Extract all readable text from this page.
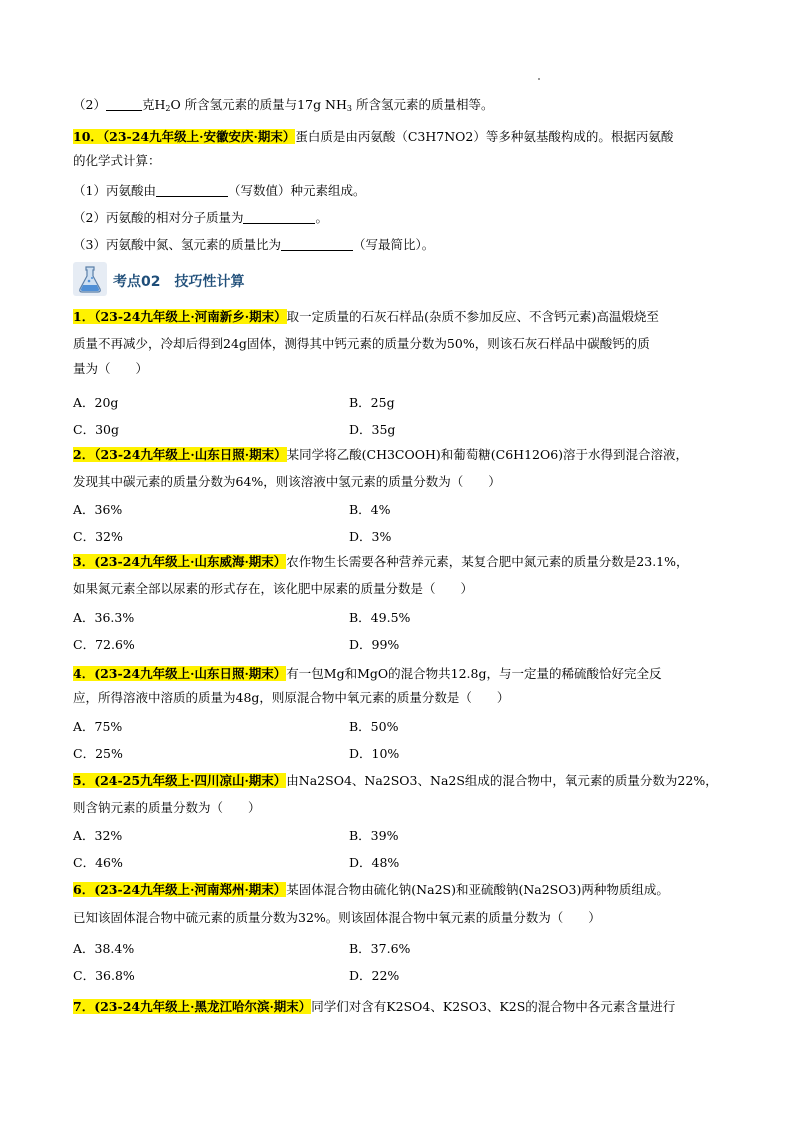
（2）	克$H_2O$ 所含氢元素的质量与17g $NH_3$ 所含氢元素的质量相等。
10．（23-24九年级上·安徽安庆·期末）蛋白质是由丙氨酸（C3H7NO2）等多种氨基酸构成的。根据丙氨酸
的化学式计算：
（1）丙氨酸由	（写数值）种元素组成。
（2）丙氨酸的相对分子质量为	。
（3）丙氨酸中氮、氢元素的质量比为	（写最简比）。
考点02　技巧性计算
1．（23-24九年级上·河南新乡·期末）取一定质量的石灰石样品(杂质不参加反应、不含钙元素)高温煅烧至
质量不再减少，冷却后得到24g固体，测得其中钙元素的质量分数为50%，则该石灰石样品中碳酸钙的质
量为（　　）
A．20g	B．25g
C．30g	D．35g
2．（23-24九年级上·山东日照·期末）某同学将乙酸(CH3COOH)和葡萄糖(C6H12O6)溶于水得到混合溶液，
发现其中碳元素的质量分数为64%，则该溶液中氢元素的质量分数为（　　）
A．36%	B．4%
C．32%	D．3%
3．(23-24九年级上·山东威海·期末）农作物生长需要各种营养元素，某复合肥中氮元素的质量分数是23.1%，
如果氮元素全部以尿素的形式存在，该化肥中尿素的质量分数是（　　）
A．36.3%	B．49.5%
C．72.6%	D．99%
4．(23-24九年级上·山东日照·期末）有一包Mg和MgO的混合物共12.8g，与一定量的稀硫酸恰好完全反
应，所得溶液中溶质的质量为48g，则原混合物中氧元素的质量分数是（　　）
A．75%	B．50%
C．25%	D．10%
5．(24-25九年级上·四川凉山·期末）由Na2SO4、Na2SO3、Na2S组成的混合物中，氧元素的质量分数为22%，
则含钠元素的质量分数为（　　）
A．32%	B．39%
C．46%	D．48%
6．(23-24九年级上·河南郑州·期末）某固体混合物由硫化钠(Na2S)和亚硫酸钠(Na2SO3)两种物质组成。
已知该固体混合物中硫元素的质量分数为32%。则该固体混合物中氧元素的质量分数为（　　）
A．38.4%	B．37.6%
C．36.8%	D．22%
7．(23-24九年级上·黑龙江哈尔滨·期末）同学们对含有K2SO4、K2SO3、K2S的混合物中各元素含量进行
